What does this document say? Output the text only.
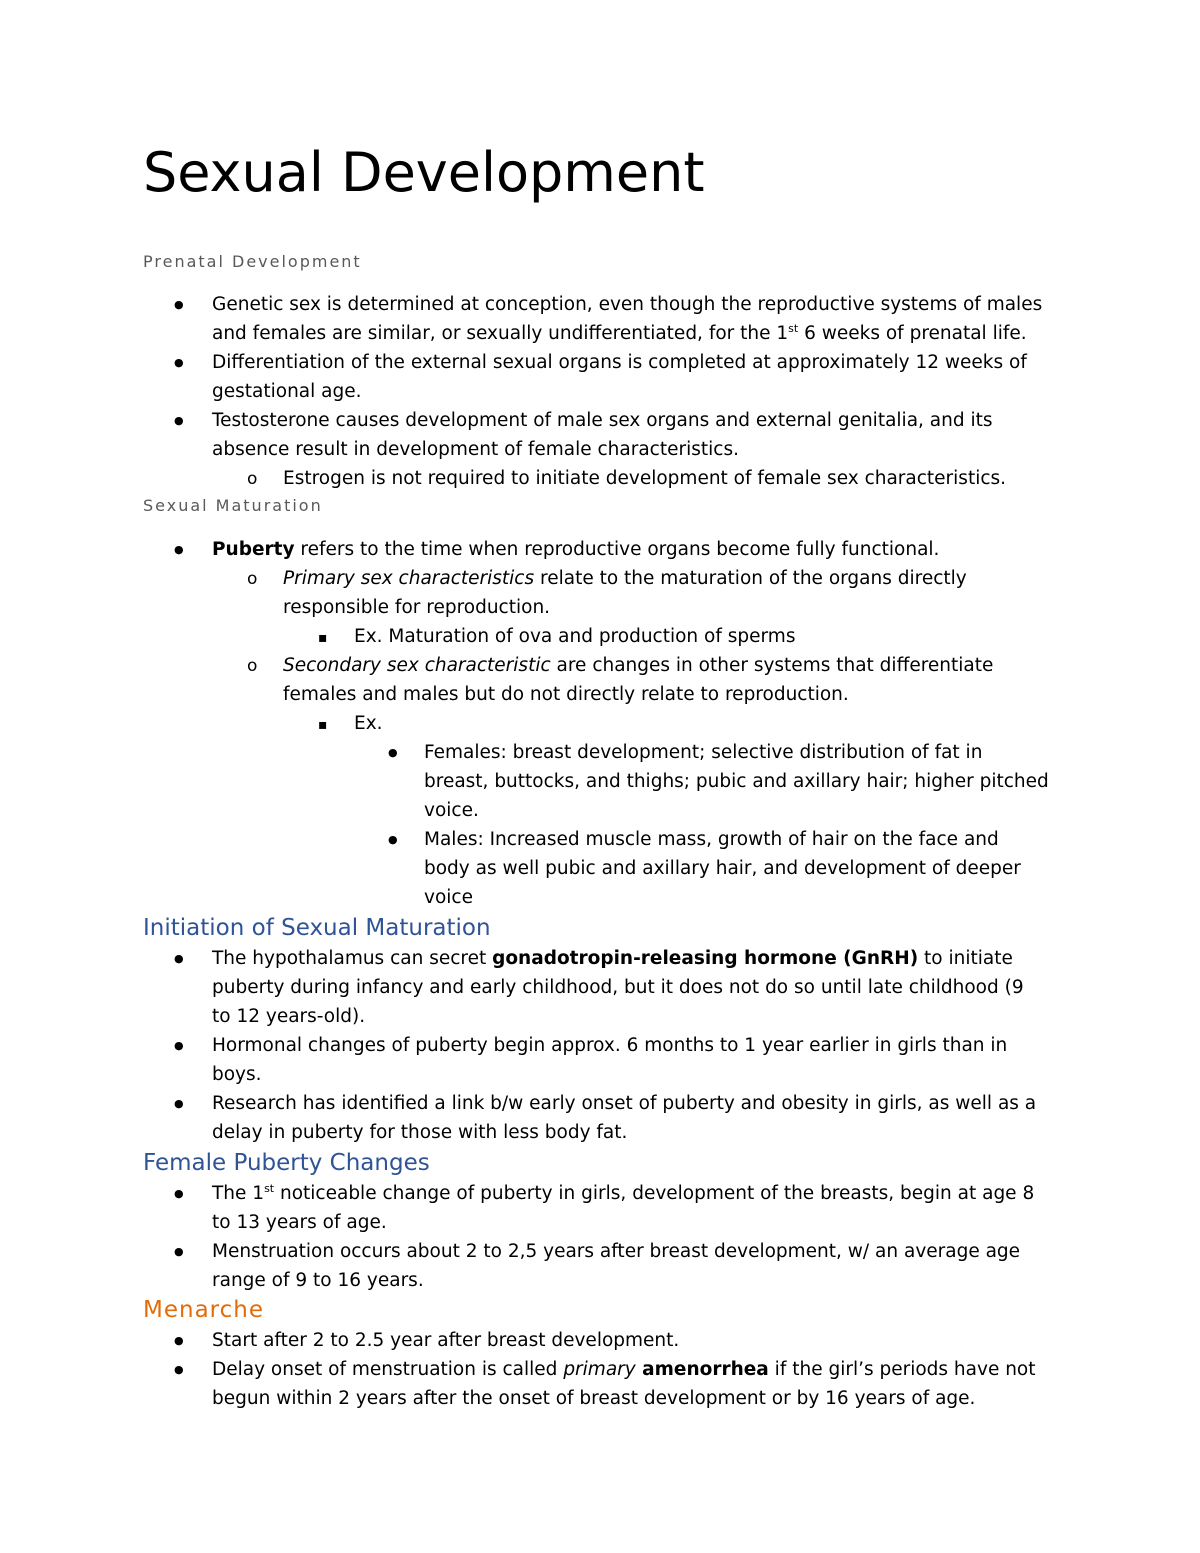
Sexual Development

Prenatal Development

●
Genetic sex is determined at conception, even though the reproductive systems of males
and females are similar, or sexually undifferentiated, for the 1st 6 weeks of prenatal life.
●
Differentiation of the external sexual organs is completed at approximately 12 weeks of
gestational age.
●
Testosterone causes development of male sex organs and external genitalia, and its
absence result in development of female characteristics.
o
Estrogen is not required to initiate development of female sex characteristics.

Sexual Maturation

●
Puberty refers to the time when reproductive organs become fully functional.
o
Primary sex characteristics relate to the maturation of the organs directly
responsible for reproduction.
▪
Ex. Maturation of ova and production of sperms
o
Secondary sex characteristic are changes in other systems that differentiate
females and males but do not directly relate to reproduction.
▪
Ex.
●
Females: breast development; selective distribution of fat in
breast, buttocks, and thighs; pubic and axillary hair; higher pitched
voice.
●
Males: Increased muscle mass, growth of hair on the face and
body as well pubic and axillary hair, and development of deeper
voice
Initiation of Sexual Maturation
●
The hypothalamus can secret gonadotropin-releasing hormone (GnRH) to initiate
puberty during infancy and early childhood, but it does not do so until late childhood (9
to 12 years-old).
●
Hormonal changes of puberty begin approx. 6 months to 1 year earlier in girls than in
boys.
●
Research has identified a link b/w early onset of puberty and obesity in girls, as well as a
delay in puberty for those with less body fat.
Female Puberty Changes
●
The 1st noticeable change of puberty in girls, development of the breasts, begin at age 8
to 13 years of age.
●
Menstruation occurs about 2 to 2,5 years after breast development, w/ an average age
range of 9 to 16 years.
Menarche
●
Start after 2 to 2.5 year after breast development.
●
Delay onset of menstruation is called primary amenorrhea if the girl’s periods have not
begun within 2 years after the onset of breast development or by 16 years of age.
